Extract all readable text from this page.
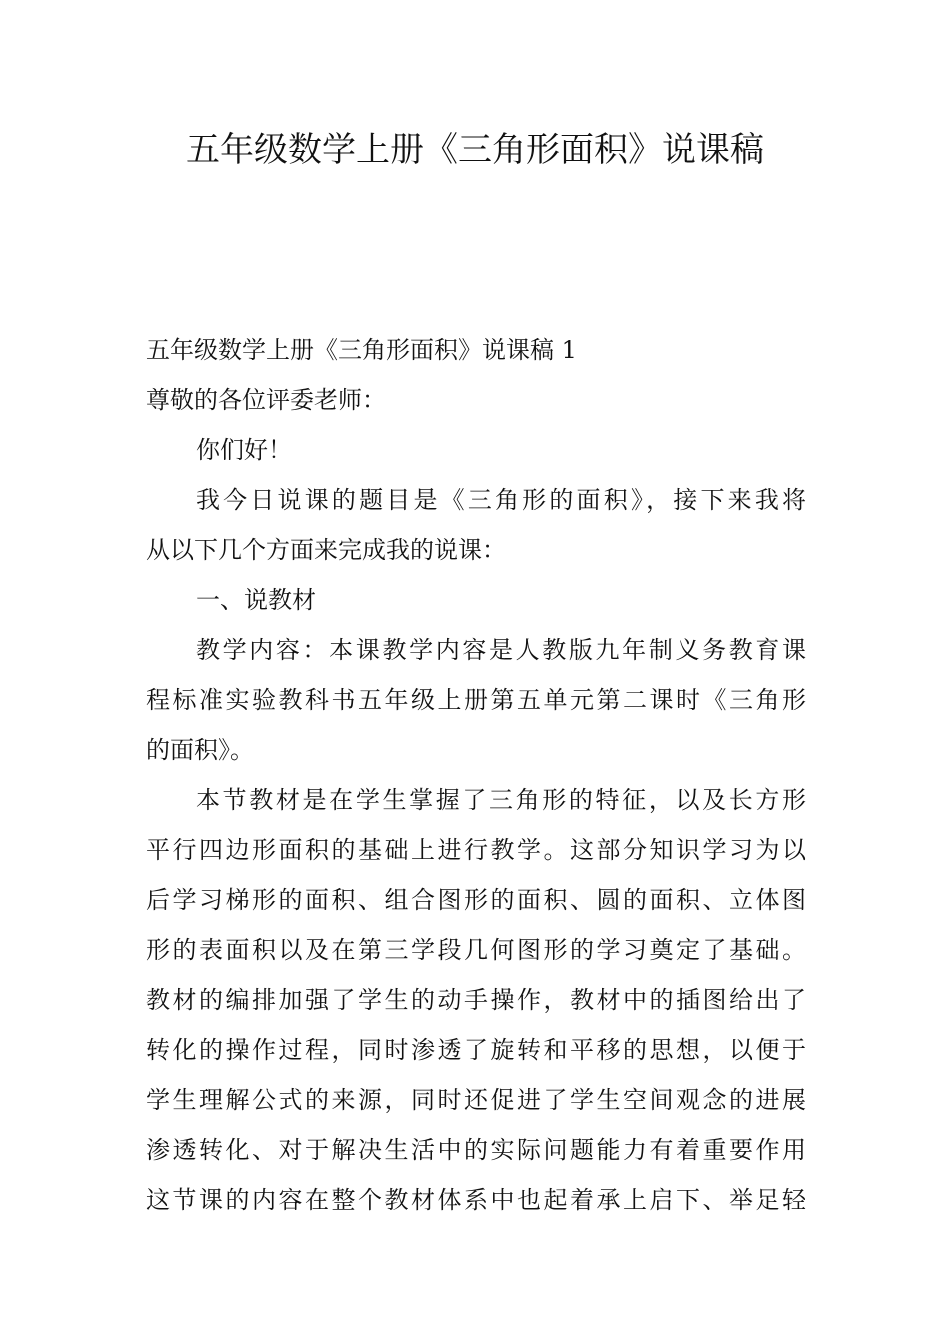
五年级数学上册《三角形面积》说课稿

五年级数学上册《三角形面积》说课稿 1

尊敬的各位评委老师：

你们好！

我今日说课的题目是《三角形的面积》，接下来我将

从以下几个方面来完成我的说课：

一、说教材

教学内容：本课教学内容是人教版九年制义务教育课

程标准实验教科书五年级上册第五单元第二课时《三角形

的面积》。

本节教材是在学生掌握了三角形的特征，以及长方形

平行四边形面积的基础上进行教学。这部分知识学习为以

后学习梯形的面积、组合图形的面积、圆的面积、立体图

形的表面积以及在第三学段几何图形的学习奠定了基础。

教材的编排加强了学生的动手操作，教材中的插图给出了

转化的操作过程，同时渗透了旋转和平移的思想，以便于

学生理解公式的来源，同时还促进了学生空间观念的进展

渗透转化、对于解决生活中的实际问题能力有着重要作用

这节课的内容在整个教材体系中也起着承上启下、举足轻
